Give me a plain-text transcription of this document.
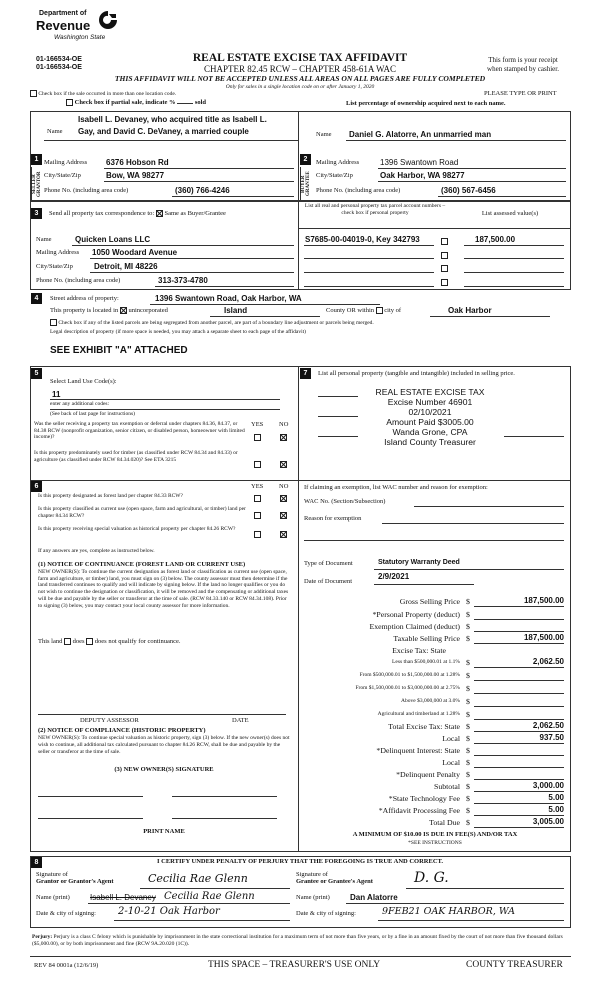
Department of
Revenue
Washington State
01-166534-OE
01-166534-OE
REAL ESTATE EXCISE TAX AFFIDAVIT
CHAPTER 82.45 RCW – CHAPTER 458-61A WAC
This form is your receipt
when stamped by cashier.
THIS AFFIDAVIT WILL NOT BE ACCEPTED UNLESS ALL AREAS ON ALL PAGES ARE FULLY COMPLETED
Only for sales in a single location code on or after January 1, 2020
Check box if the sale occurred in more than one location code.	PLEASE TYPE OR PRINT
Check box if partial sale, indicate %	sold	List percentage of ownership acquired next to each name.
1
SELLER GRANTOR
Isabell L. Devaney, who acquired title as Isabell L.
Name Gay, and David C. DeVaney, a married couple
Mailing Address 6376 Hobson Rd
City/State/Zip	Bow, WA 98277
Phone No. (including area code)	(360) 766-4246
2
BUYER GRANTEE
Name Daniel G. Alatorre, An unmarried man
Mailing Address	1396 Swantown Road
City/State/Zip	Oak Harbor, WA 98277
Phone No. (including area code)	(360) 567-6456
3	Send all property tax correspondence to: Same as Buyer/Grantee
Name	Quicken Loans LLC
Mailing Address 1050 Woodard Avenue
City/State/Zip	Detroit, MI 48226
Phone No. (including area code)	313-373-4780
List all real and personal property tax parcel account numbers – check box if personal property	List assessed value(s)
S7685-00-04019-0, Key 342793	187,500.00
4	Street address of property:	1396 Swantown Road, Oak Harbor, WA
This property is located in unincorporated	Island	County OR within city of	Oak Harbor
Check box if any of the listed parcels are being segregated from another parcel, are part of a boundary line adjustment or parcels being merged.
Legal description of property (if more space is needed, you may attach a separate sheet to each page of the affidavit)
SEE EXHIBIT "A" ATTACHED
5
Select Land Use Code(s):
11
enter any additional codes:
(See back of last page for instructions)
YES NO
Was the seller receiving a property tax exemption or deferral under chapters 84.36, 84.37, or 84.38 RCW (nonprofit organization, senior citizen, or disabled person, homeowner with limited income)?
Is this property predominately used for timber (as classified under RCW 84.34 and 84.33) or agriculture (as classified under RCW 84.34.020)? See ETA 3215
6	YES NO
Is this property designated as forest land per chapter 84.33 RCW?
Is this property classified as current use (open space, farm and agricultural, or timber) land per chapter 84.34 RCW?
Is this property receiving special valuation as historical property per chapter 84.26 RCW?
If any answers are yes, complete as instructed below.
(1) NOTICE OF CONTINUANCE (FOREST LAND OR CURRENT USE)
NEW OWNER(S): To continue the current designation as forest land or classification as current use (open space, farm and agriculture, or timber) land, you must sign on (3) below. The county assessor must then determine if the land transferred continues to qualify and will indicate by signing below. If the land no longer qualifies or you do not wish to continue the designation or classification, it will be removed and the compensating or additional taxes will be due and payable by the seller or transferor at the time of sale. (RCW 84.33.140 or RCW 84.34.108). Prior to signing (3) below, you may contact your local county assessor for more information.
This land does does not qualify for continuance.
DEPUTY ASSESSOR	DATE
(2) NOTICE OF COMPLIANCE (HISTORIC PROPERTY)
NEW OWNER(S): To continue special valuation as historic property, sign (3) below. If the new owner(s) does not wish to continue, all additional tax calculated pursuant to chapter 84.26 RCW, shall be due and payable by the seller or transferor at the time of sale.
(3) NEW OWNER(S) SIGNATURE
PRINT NAME
7	List all personal property (tangible and intangible) included in selling price.
REAL ESTATE EXCISE TAX
Excise Number 46901
02/10/2021
Amount Paid $3005.00
Wanda Grone, CPA
Island County Treasurer
If claiming an exemption, list WAC number and reason for exemption:
WAC No. (Section/Subsection)
Reason for exemption
Type of Document	Statutory Warranty Deed
Date of Document
2/9/2021
Gross Selling Price $	187,500.00
*Personal Property (deduct) $
Exemption Claimed (deduct) $
Taxable Selling Price $	187,500.00
Excise Tax: State
Less than $500,000.01 at 1.1% $	2,062.50
From $500,000.01 to $1,500,000.00 at 1.28% $
From $1,500,000.01 to $3,000,000.00 at 2.75% $
Above $3,000,000 at 3.0% $
Agricultural and timberland at 1.28% $
Total Excise Tax: State $	2,062.50
Local $	937.50
*Delinquent Interest: State $
Local $
*Delinquent Penalty $
Subtotal $	3,000.00
*State Technology Fee $	5.00
*Affidavit Processing Fee $	5.00
Total Due $	3,005.00
A MINIMUM OF $10.00 IS DUE IN FEE(S) AND/OR TAX
*SEE INSTRUCTIONS
8	I CERTIFY UNDER PENALTY OF PERJURY THAT THE FOREGOING IS TRUE AND CORRECT.
Signature of
Grantor or Grantor's Agent	Cecilia Rae Glenn	Signature of
Grantee or Grantee's Agent	D. G.
Name (print)	Isabell L. Devaney Cecilia Rae Glenn	Name (print)	Dan Alatorre
Date & city of signing: 2-10-21 Oak Harbor	Date & city of signing:	9FEB21 OAK HARBOR, WA
Perjury: Perjury is a class C felony which is punishable by imprisonment in the state correctional institution for a maximum term of not more than five years, or by a fine in an amount fixed by the court of not more than five thousand dollars ($5,000.00), or by both imprisonment and fine (RCW 9A.20.020 (1C)).
REV 84 0001a (12/6/19)	THIS SPACE – TREASURER'S USE ONLY	COUNTY TREASURER
